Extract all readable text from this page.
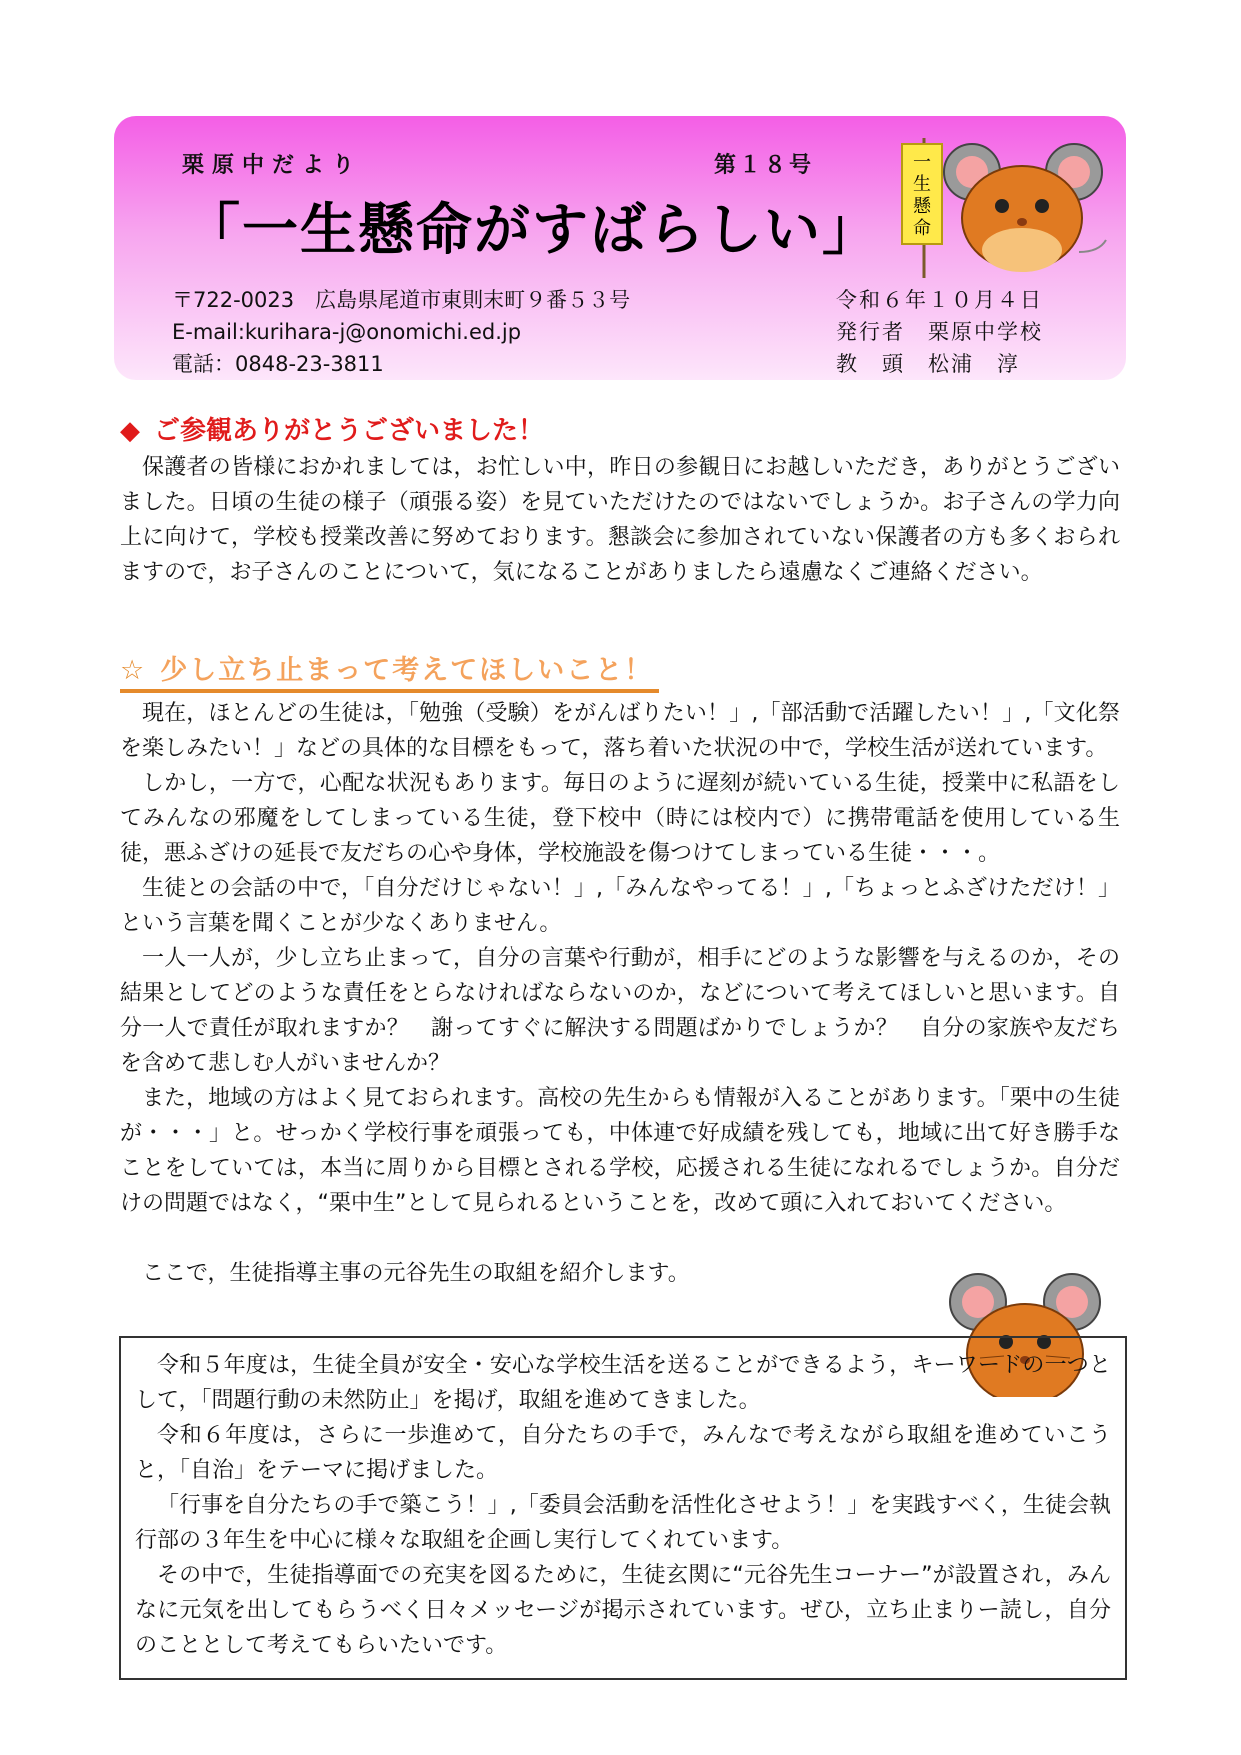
栗原中だより	第１８号
「一生懸命がすばらしい」
〒722-0023　広島県尾道市東則末町９番５３号
E-mail:kurihara-j@onomichi.ed.jp
電話：0848-23-3811
令和６年１０月４日
発行者　栗原中学校
教　頭　松浦　淳
一
生
懸
命
◆ ご参観ありがとうございました！

保護者の皆様におかれましては，お忙しい中，昨日の参観日にお越しいただき，ありがとうございました。日頃の生徒の様子（頑張る姿）を見ていただけたのではないでしょうか。お子さんの学力向上に向けて，学校も授業改善に努めております。懇談会に参加されていない保護者の方も多くおられますので，お子さんのことについて，気になることがありましたら遠慮なくご連絡ください。

☆ 少し立ち止まって考えてほしいこと！

現在，ほとんどの生徒は，「勉強（受験）をがんばりたい！」,「部活動で活躍したい！」,「文化祭を楽しみたい！」などの具体的な目標をもって，落ち着いた状況の中で，学校生活が送れています。

しかし，一方で，心配な状況もあります。毎日のように遅刻が続いている生徒，授業中に私語をしてみんなの邪魔をしてしまっている生徒，登下校中（時には校内で）に携帯電話を使用している生徒，悪ふざけの延長で友だちの心や身体，学校施設を傷つけてしまっている生徒・・・。

生徒との会話の中で，「自分だけじゃない！」,「みんなやってる！」,「ちょっとふざけただけ！」という言葉を聞くことが少なくありません。

一人一人が，少し立ち止まって，自分の言葉や行動が，相手にどのような影響を与えるのか，その結果としてどのような責任をとらなければならないのか，などについて考えてほしいと思います。自分一人で責任が取れますか？　謝ってすぐに解決する問題ばかりでしょうか？　自分の家族や友だちを含めて悲しむ人がいませんか？

また，地域の方はよく見ておられます。高校の先生からも情報が入ることがあります。「栗中の生徒が・・・」と。せっかく学校行事を頑張っても，中体連で好成績を残しても，地域に出て好き勝手なことをしていては，本当に周りから目標とされる学校，応援される生徒になれるでしょうか。自分だけの問題ではなく，“栗中生”として見られるということを，改めて頭に入れておいてください。

ここで，生徒指導主事の元谷先生の取組を紹介します。

令和５年度は，生徒全員が安全・安心な学校生活を送ることができるよう，キーワードの一つとして，「問題行動の未然防止」を掲げ，取組を進めてきました。

令和６年度は，さらに一歩進めて，自分たちの手で，みんなで考えながら取組を進めていこうと，「自治」をテーマに掲げました。

「行事を自分たちの手で築こう！」,「委員会活動を活性化させよう！」を実践すべく，生徒会執行部の３年生を中心に様々な取組を企画し実行してくれています。

その中で，生徒指導面での充実を図るために，生徒玄関に“元谷先生コーナー”が設置され，みんなに元気を出してもらうべく日々メッセージが掲示されています。ぜひ，立ち止まりー読し，自分のこととして考えてもらいたいです。
